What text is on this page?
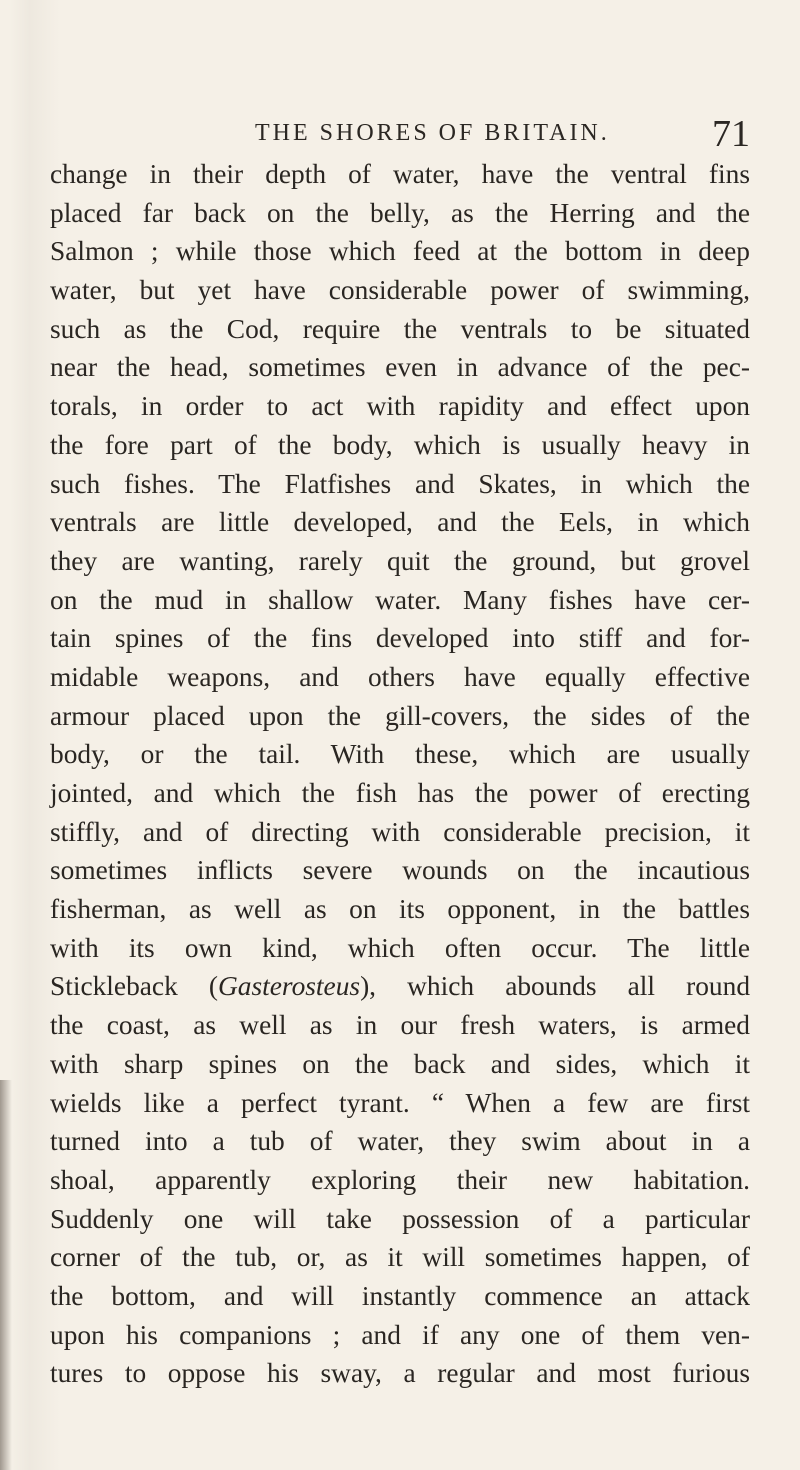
THE SHORES OF BRITAIN.	71
change in their depth of water, have the ventral fins
placed far back on the belly, as the Herring and the
Salmon ; while those which feed at the bottom in deep
water, but yet have considerable power of swimming,
such as the Cod, require the ventrals to be situated
near the head, sometimes even in advance of the pec-
torals, in order to act with rapidity and effect upon
the fore part of the body, which is usually heavy in
such fishes. The Flatfishes and Skates, in which the
ventrals are little developed, and the Eels, in which
they are wanting, rarely quit the ground, but grovel
on the mud in shallow water. Many fishes have cer-
tain spines of the fins developed into stiff and for-
midable weapons, and others have equally effective
armour placed upon the gill-covers, the sides of the
body, or the tail. With these, which are usually
jointed, and which the fish has the power of erecting
stiffly, and of directing with considerable precision, it
sometimes inflicts severe wounds on the incautious
fisherman, as well as on its opponent, in the battles
with its own kind, which often occur. The little
Stickleback (Gasterosteus), which abounds all round
the coast, as well as in our fresh waters, is armed
with sharp spines on the back and sides, which it
wields like a perfect tyrant. “ When a few are first
turned into a tub of water, they swim about in a
shoal, apparently exploring their new habitation.
Suddenly one will take possession of a particular
corner of the tub, or, as it will sometimes happen, of
the bottom, and will instantly commence an attack
upon his companions ; and if any one of them ven-
tures to oppose his sway, a regular and most furious
